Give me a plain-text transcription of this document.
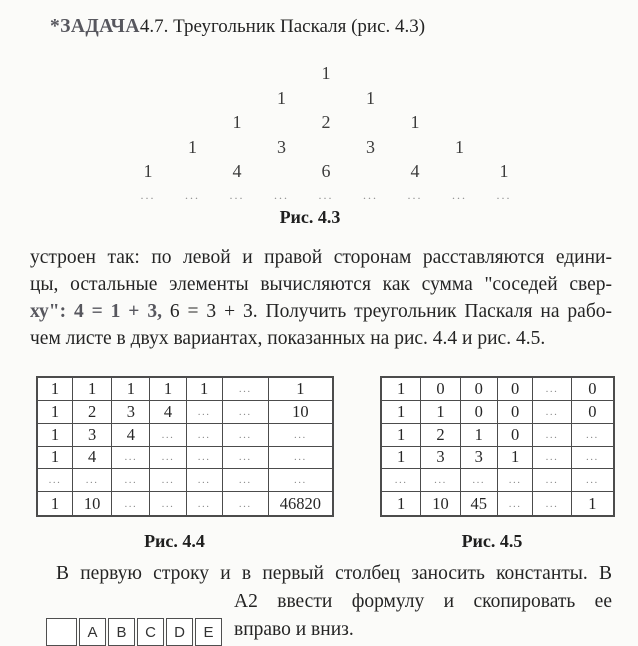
*ЗАДАЧА4.7. Треугольник Паскаля (рис. 4.3)
1
1	1
1	2	1
1	3	3	1
1	4	6	4	1
...	...	...	...	...	...	...	...	...
Рис. 4.3
устроен так: по левой и правой сторонам расставляются едини-
цы, остальные элементы вычисляются как сумма "соседей свер-
ху": 4 = 1 + 3, 6 = 3 + 3. Получить треугольник Паскаля на рабо-
чем листе в двух вариантах, показанных на рис. 4.4 и рис. 4.5.
1	1	1	1	1	...	1
1	2	3	4	...	...	10
1	3	4	...	...	...	...
1	4	...	...	...	...	...
...	...	...	...	...	...	...
1	10	...	...	...	...	46820
1	0	0	0	...	0
1	1	0	0	...	0
1	2	1	0	...	...
1	3	3	1	...	...
...	...	...	...	...	...
1	10	45	...	...	1
Рис. 4.4	Рис. 4.5
В первую строку и в первый столбец заносить константы. В
А2 ввести формулу и скопировать ее
вправо и вниз.
A	B	C	D	E
